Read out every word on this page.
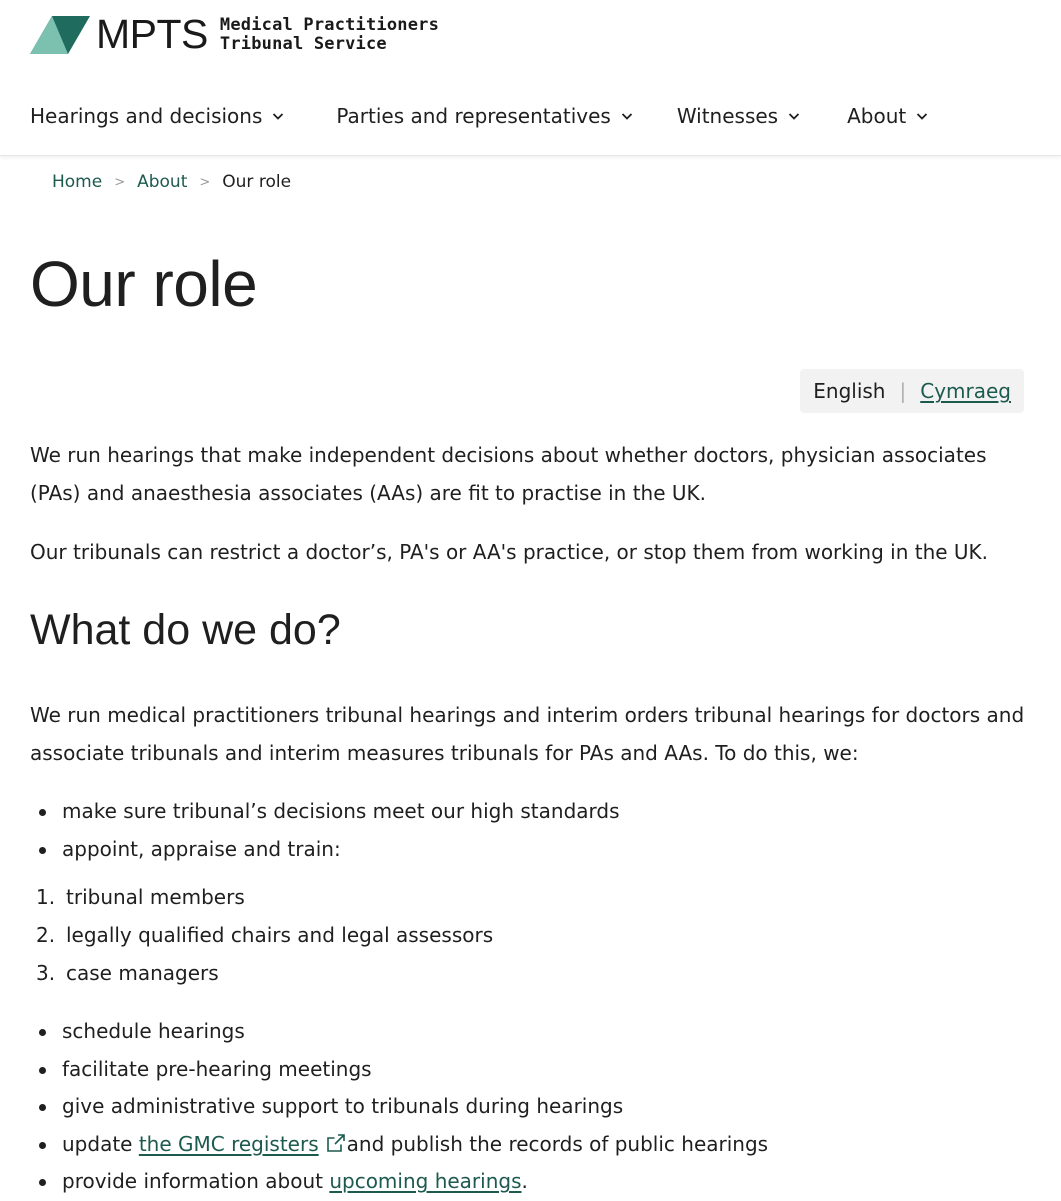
MPTS Medical Practitioners
Tribunal Service
Hearings and decisions	Parties and representatives	Witnesses	About
Home > About > Our role
Our role
English | Cymraeg

We run hearings that make independent decisions about whether doctors, physician associates (PAs) and anaesthesia associates (AAs) are fit to practise in the UK.

Our tribunals can restrict a doctor’s, PA's or AA's practice, or stop them from working in the UK.

What do we do?

We run medical practitioners tribunal hearings and interim orders tribunal hearings for doctors and associate tribunals and interim measures tribunals for PAs and AAs. To do this, we:

make sure tribunal’s decisions meet our high standards
appoint, appraise and train:
1. tribunal members
2. legally qualified chairs and legal assessors
3. case managers
schedule hearings
facilitate pre-hearing meetings
give administrative support to tribunals during hearings
update the GMC registers and publish the records of public hearings
provide information about upcoming hearings.
